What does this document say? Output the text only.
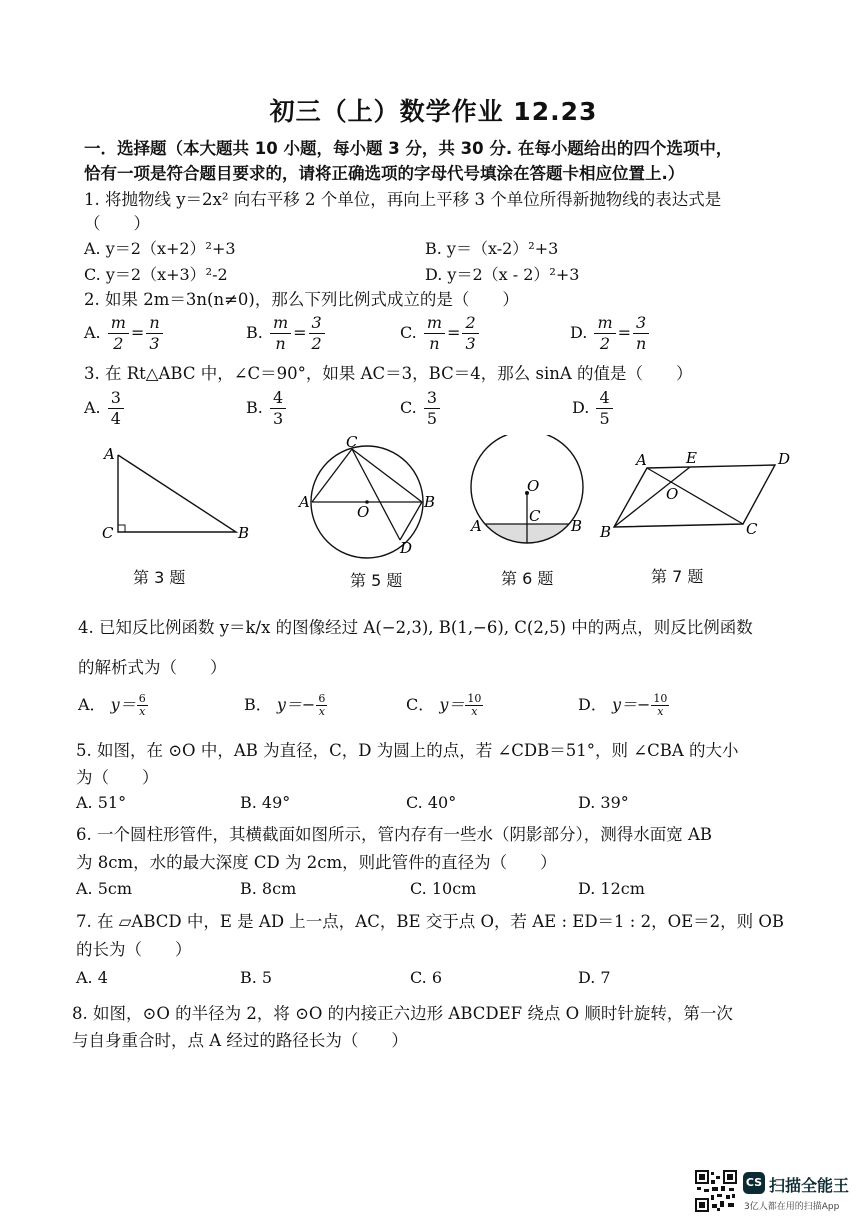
初三（上）数学作业 12.23
一．选择题（本大题共 10 小题，每小题 3 分，共 30 分. 在每小题给出的四个选项中，
恰有一项是符合题目要求的，请将正确选项的字母代号填涂在答题卡相应位置上.）
1. 将抛物线 y＝2x² 向右平移 2 个单位，再向上平移 3 个单位所得新抛物线的表达式是
（　　）
A. y＝2（x+2）²+3	B. y＝（x-2）²+3
C. y＝2（x+3）²-2	D. y＝2（x - 2）²+3
2. 如果 2m＝3n(n≠0)，那么下列比例式成立的是（　　）
A. $\frac{m}{2} = \frac{n}{3}$	B. $\frac{m}{n} = \frac{3}{2}$	C. $\frac{m}{n} = \frac{2}{3}$	D. $\frac{m}{2} = \frac{3}{n}$
3. 在 Rt△ABC 中，∠C＝90°，如果 AC＝3，BC＝4，那么 sinA 的值是（　　）
A. $\frac{3}{4}$	B. $\frac{4}{3}$	C. $\frac{3}{5}$	D. $\frac{4}{5}$
A
C	B
C
A	B
O
D
O
C
A	B
A	E	D
O
B	C
第 3 题	第 5 题	第 6 题	第 7 题
4. 已知反比例函数 y＝k/x 的图像经过 A(−2,3), B(1,−6), C(2,5) 中的两点，则反比例函数
的解析式为（　　）
A． $y= \frac{6}{x}$	B． $y=- \frac{6}{x}$	C． $y= \frac{10}{x}$	D． $y=- \frac{10}{x}$
5. 如图，在 ⊙O 中，AB 为直径，C，D 为圆上的点，若 ∠CDB＝51°，则 ∠CBA 的大小
为（　　）
A. 51°	B. 49°	C. 40°	D. 39°
6. 一个圆柱形管件，其横截面如图所示，管内存有一些水（阴影部分），测得水面宽 AB
为 8cm，水的最大深度 CD 为 2cm，则此管件的直径为（　　）
A. 5cm	B. 8cm	C. 10cm	D. 12cm
7. 在 ▱ABCD 中，E 是 AD 上一点，AC，BE 交于点 O，若 AE : ED＝1 : 2，OE＝2，则 OB
的长为（　　）
A. 4	B. 5	C. 6	D. 7
8. 如图，⊙O 的半径为 2，将 ⊙O 的内接正六边形 ABCDEF 绕点 O 顺时针旋转，第一次
与自身重合时，点 A 经过的路径长为（　　）
CS 扫描全能王
3亿人都在用的扫描App
